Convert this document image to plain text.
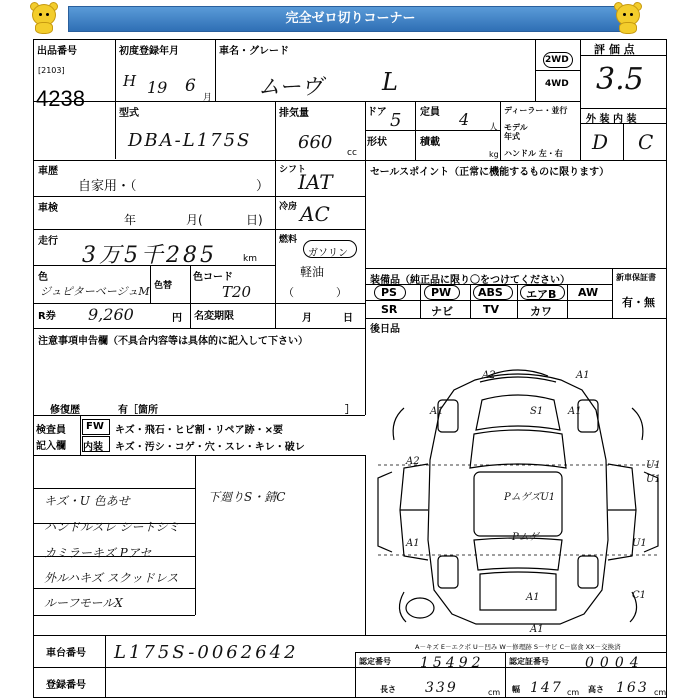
完全ゼロ切りコーナー
出品番号
[2103]
4238
初度登録年月
H 19 6
月
車名・グレード
ムーヴ L
2WD
4WD
評 価 点
3.5
型式
DBA-L175S
排気量
660 cc
ドア 5 定員 4 人
形状	積載
kg
ディーラー・並行
モデル年式
ハンドル 左・右
外 装 内 装
D C
車歴
自家用・（	）
車検
年	月(	日)
走行
3万5千285	km
色
ジュピターベージュM 色替
色コード
T20
R券 9,260	円 名変期限	月	日
シフト
IAT
冷房 AC
燃料
ガソリン
軽油
（            ）
セールスポイント（正常に機能するものに限ります）
装備品（純正品に限り〇をつけてください）	新車保証書
有・無
PS	PW ABS エアB AW
SR	ナビ	TV	カワ
後日品
注意事項申告欄（不具合内容等は具体的に記入して下さい）
修復歴	有［箇所	］
検査員
記入欄
FW キズ・飛石・ヒビ割・リペア跡・×要
内装 キズ・汚シ・コゲ・穴・スレ・キレ・破レ
キズ・U 色あせ
ハンドルスレ シートシミ
カミラーキズ Pアセ
外ルハキズ スクッドレス
ルーフモールX
下廻りS・錆C
A2	A1
A1	S1 A1
U1
A2
U1
PムゲズU1
Pムゲ
A1	U1
A1	C1
A1
A－キズ E－エクボ U－凹み W－修理跡 S－サビ C－腐食 XX－交換済
車台番号 L175S-0062642
登録番号
認定番号 15492	認定証番号	0004
長さ 339	cm 幅 147 cm 高さ 163 cm
